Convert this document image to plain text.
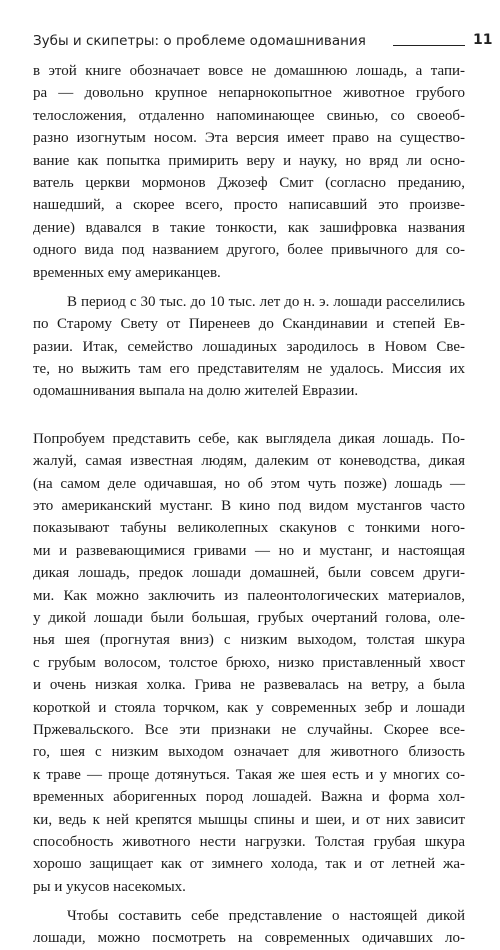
Зубы и скипетры: о проблеме одомашнивания	11
в этой книге обозначает вовсе не домашнюю лошадь, а тапи-
ра — довольно крупное непарнокопытное животное грубого
телосложения, отдаленно напоминающее свинью, со своеоб-
разно изогнутым носом. Эта версия имеет право на существо-
вание как попытка примирить веру и науку, но вряд ли осно-
ватель церкви мормонов Джозеф Смит (согласно преданию,
нашедший, а скорее всего, просто написавший это произве-
дение) вдавался в такие тонкости, как зашифровка названия
одного вида под названием другого, более привычного для со-
временных ему американцев.
В период с 30 тыс. до 10 тыс. лет до н. э. лошади расселились
по Старому Свету от Пиренеев до Скандинавии и степей Ев-
разии. Итак, семейство лошадиных зародилось в Новом Све-
те, но выжить там его представителям не удалось. Миссия их
одомашнивания выпала на долю жителей Евразии.
Попробуем представить себе, как выглядела дикая лошадь. По-
жалуй, самая известная людям, далеким от коневодства, дикая
(на самом деле одичавшая, но об этом чуть позже) лошадь —
это американский мустанг. В кино под видом мустангов часто
показывают табуны великолепных скакунов с тонкими ного-
ми и развевающимися гривами — но и мустанг, и настоящая
дикая лошадь, предок лошади домашней, были совсем други-
ми. Как можно заключить из палеонтологических материалов,
у дикой лошади были большая, грубых очертаний голова, оле-
нья шея (прогнутая вниз) с низким выходом, толстая шкура
с грубым волосом, толстое брюхо, низко приставленный хвост
и очень низкая холка. Грива не развевалась на ветру, а была
короткой и стояла торчком, как у современных зебр и лошади
Пржевальского. Все эти признаки не случайны. Скорее все-
го, шея с низким выходом означает для животного близость
к траве — проще дотянуться. Такая же шея есть и у многих со-
временных аборигенных пород лошадей. Важна и форма хол-
ки, ведь к ней крепятся мышцы спины и шеи, и от них зависит
способность животного нести нагрузки. Толстая грубая шкура
хорошо защищает как от зимнего холода, так и от летней жа-
ры и укусов насекомых.
Чтобы составить себе представление о настоящей дикой
лошади, можно посмотреть на современных одичавших ло-
